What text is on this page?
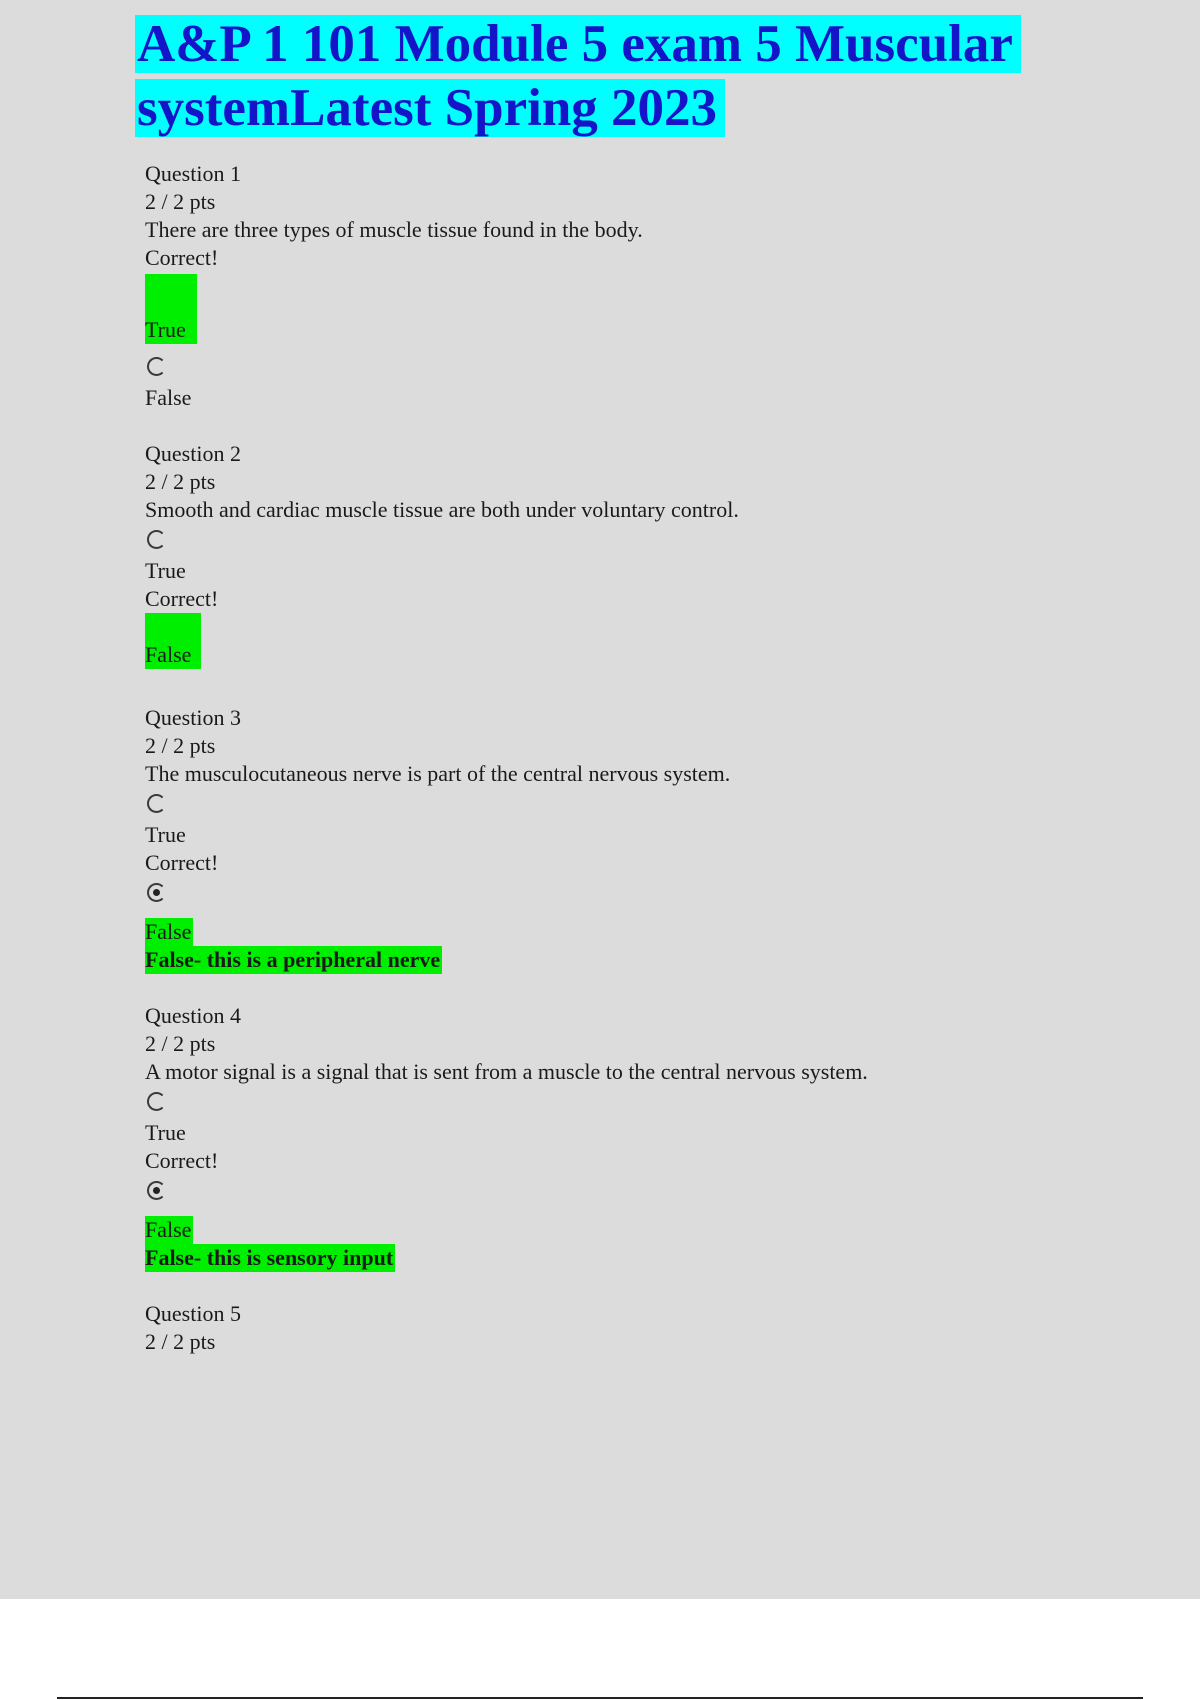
A&P 1 101 Module 5 exam 5 Muscular
systemLatest Spring 2023
Question 1
2 / 2 pts
There are three types of muscle tissue found in the body.
Correct!
True
False
Question 2
2 / 2 pts
Smooth and cardiac muscle tissue are both under voluntary control.
True
Correct!
False
Question 3
2 / 2 pts
The musculocutaneous nerve is part of the central nervous system.
True
Correct!
False
False- this is a peripheral nerve
Question 4
2 / 2 pts
A motor signal is a signal that is sent from a muscle to the central nervous system.
True
Correct!
False
False- this is sensory input
Question 5
2 / 2 pts
